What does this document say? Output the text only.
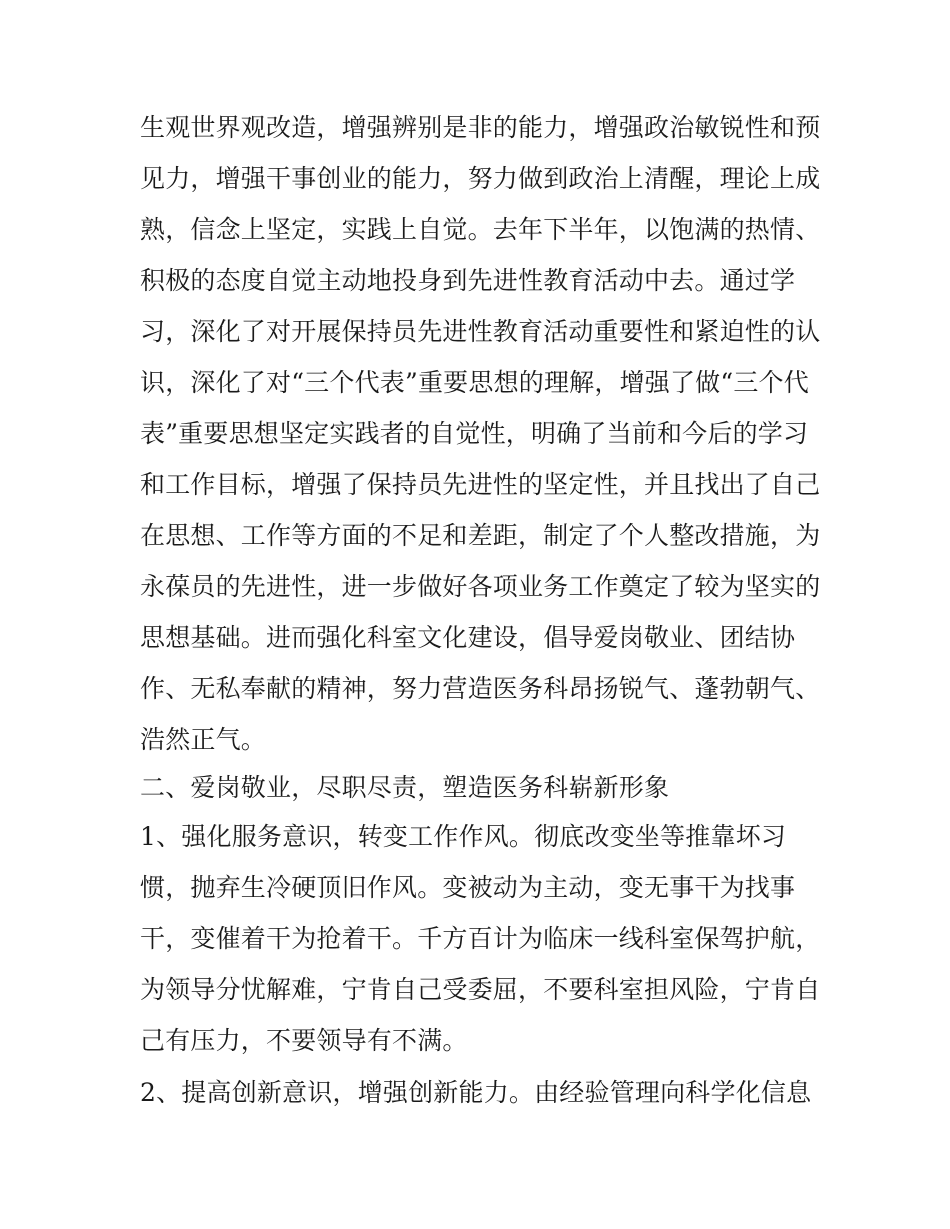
生观世界观改造，增强辨别是非的能力，增强政治敏锐性和预
见力，增强干事创业的能力，努力做到政治上清醒，理论上成
熟，信念上坚定，实践上自觉。去年下半年，以饱满的热情、
积极的态度自觉主动地投身到先进性教育活动中去。通过学
习，深化了对开展保持员先进性教育活动重要性和紧迫性的认
识，深化了对“三个代表”重要思想的理解，增强了做“三个代
表”重要思想坚定实践者的自觉性，明确了当前和今后的学习
和工作目标，增强了保持员先进性的坚定性，并且找出了自己
在思想、工作等方面的不足和差距，制定了个人整改措施，为
永葆员的先进性，进一步做好各项业务工作奠定了较为坚实的
思想基础。进而强化科室文化建设，倡导爱岗敬业、团结协
作、无私奉献的精神，努力营造医务科昂扬锐气、蓬勃朝气、
浩然正气。
二、爱岗敬业，尽职尽责，塑造医务科崭新形象
1、强化服务意识，转变工作作风。彻底改变坐等推靠坏习
惯，抛弃生冷硬顶旧作风。变被动为主动，变无事干为找事
干，变催着干为抢着干。千方百计为临床一线科室保驾护航，
为领导分忧解难，宁肯自己受委屈，不要科室担风险，宁肯自
己有压力，不要领导有不满。
2、提高创新意识，增强创新能力。由经验管理向科学化信息
